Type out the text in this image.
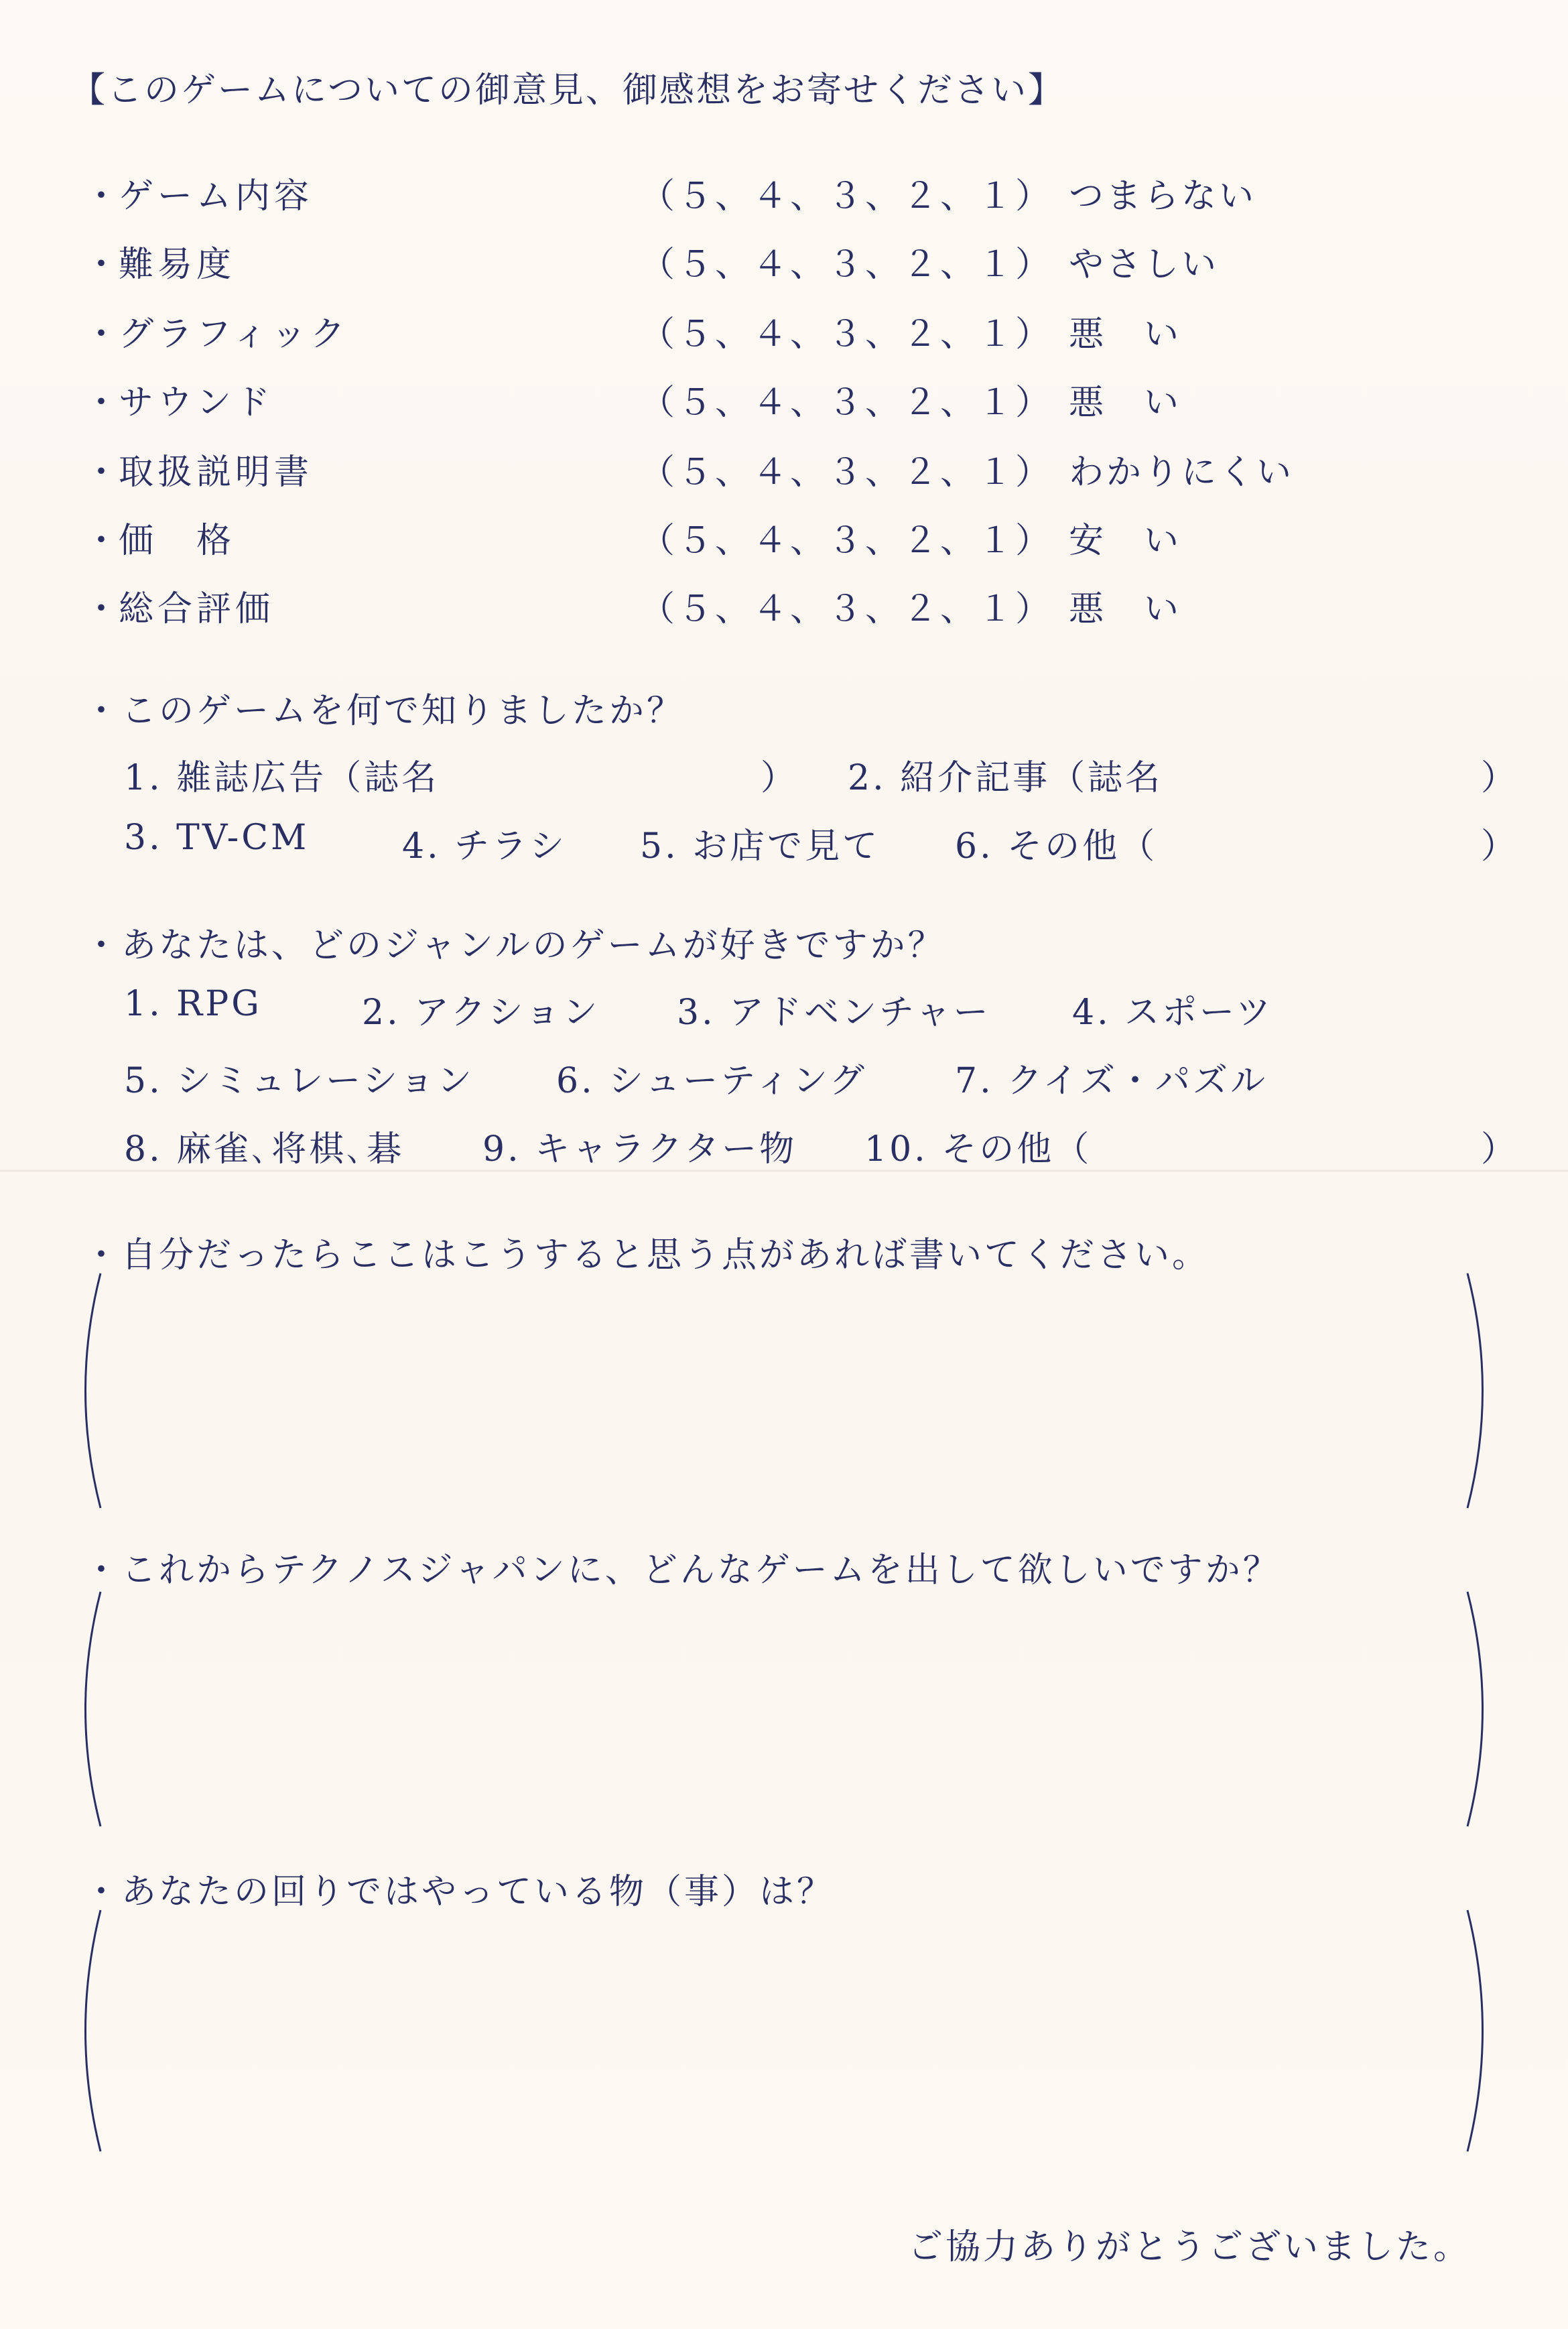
【このゲームについての御意見、御感想をお寄せください】
・ ゲーム内容	（５、４、３、２、１） つまらない
・ 難易度	（５、４、３、２、１） やさしい
・ グラフィック	（５、４、３、２、１） 悪　い
・ サウンド	（５、４、３、２、１） 悪　い
・ 取扱説明書	（５、４、３、２、１） わかりにくい
・ 価　格	（５、４、３、２、１） 安　い
・ 総合評価	（５、４、３、２、１） 悪　い
・このゲームを何で知りましたか？
1. 雑誌広告（誌名	） 2. 紹介記事（誌名	）
3. TV-CM	4. チラシ 5. お店で見て 6. その他（	）
・あなたは、どのジャンルのゲームが好きですか？
1. RPG	2. アクション 3. アドベンチャー 4. スポーツ
5. シミュレーション 6. シューティング	7. クイズ・パズル
8. 麻雀､将棋､碁 9. キャラクター物 10. その他（	）
・自分だったらここはこうすると思う点があれば書いてください。
・これからテクノスジャパンに、どんなゲームを出して欲しいですか？
・あなたの回りではやっている物（事）は？
ご協力ありがとうございました。
